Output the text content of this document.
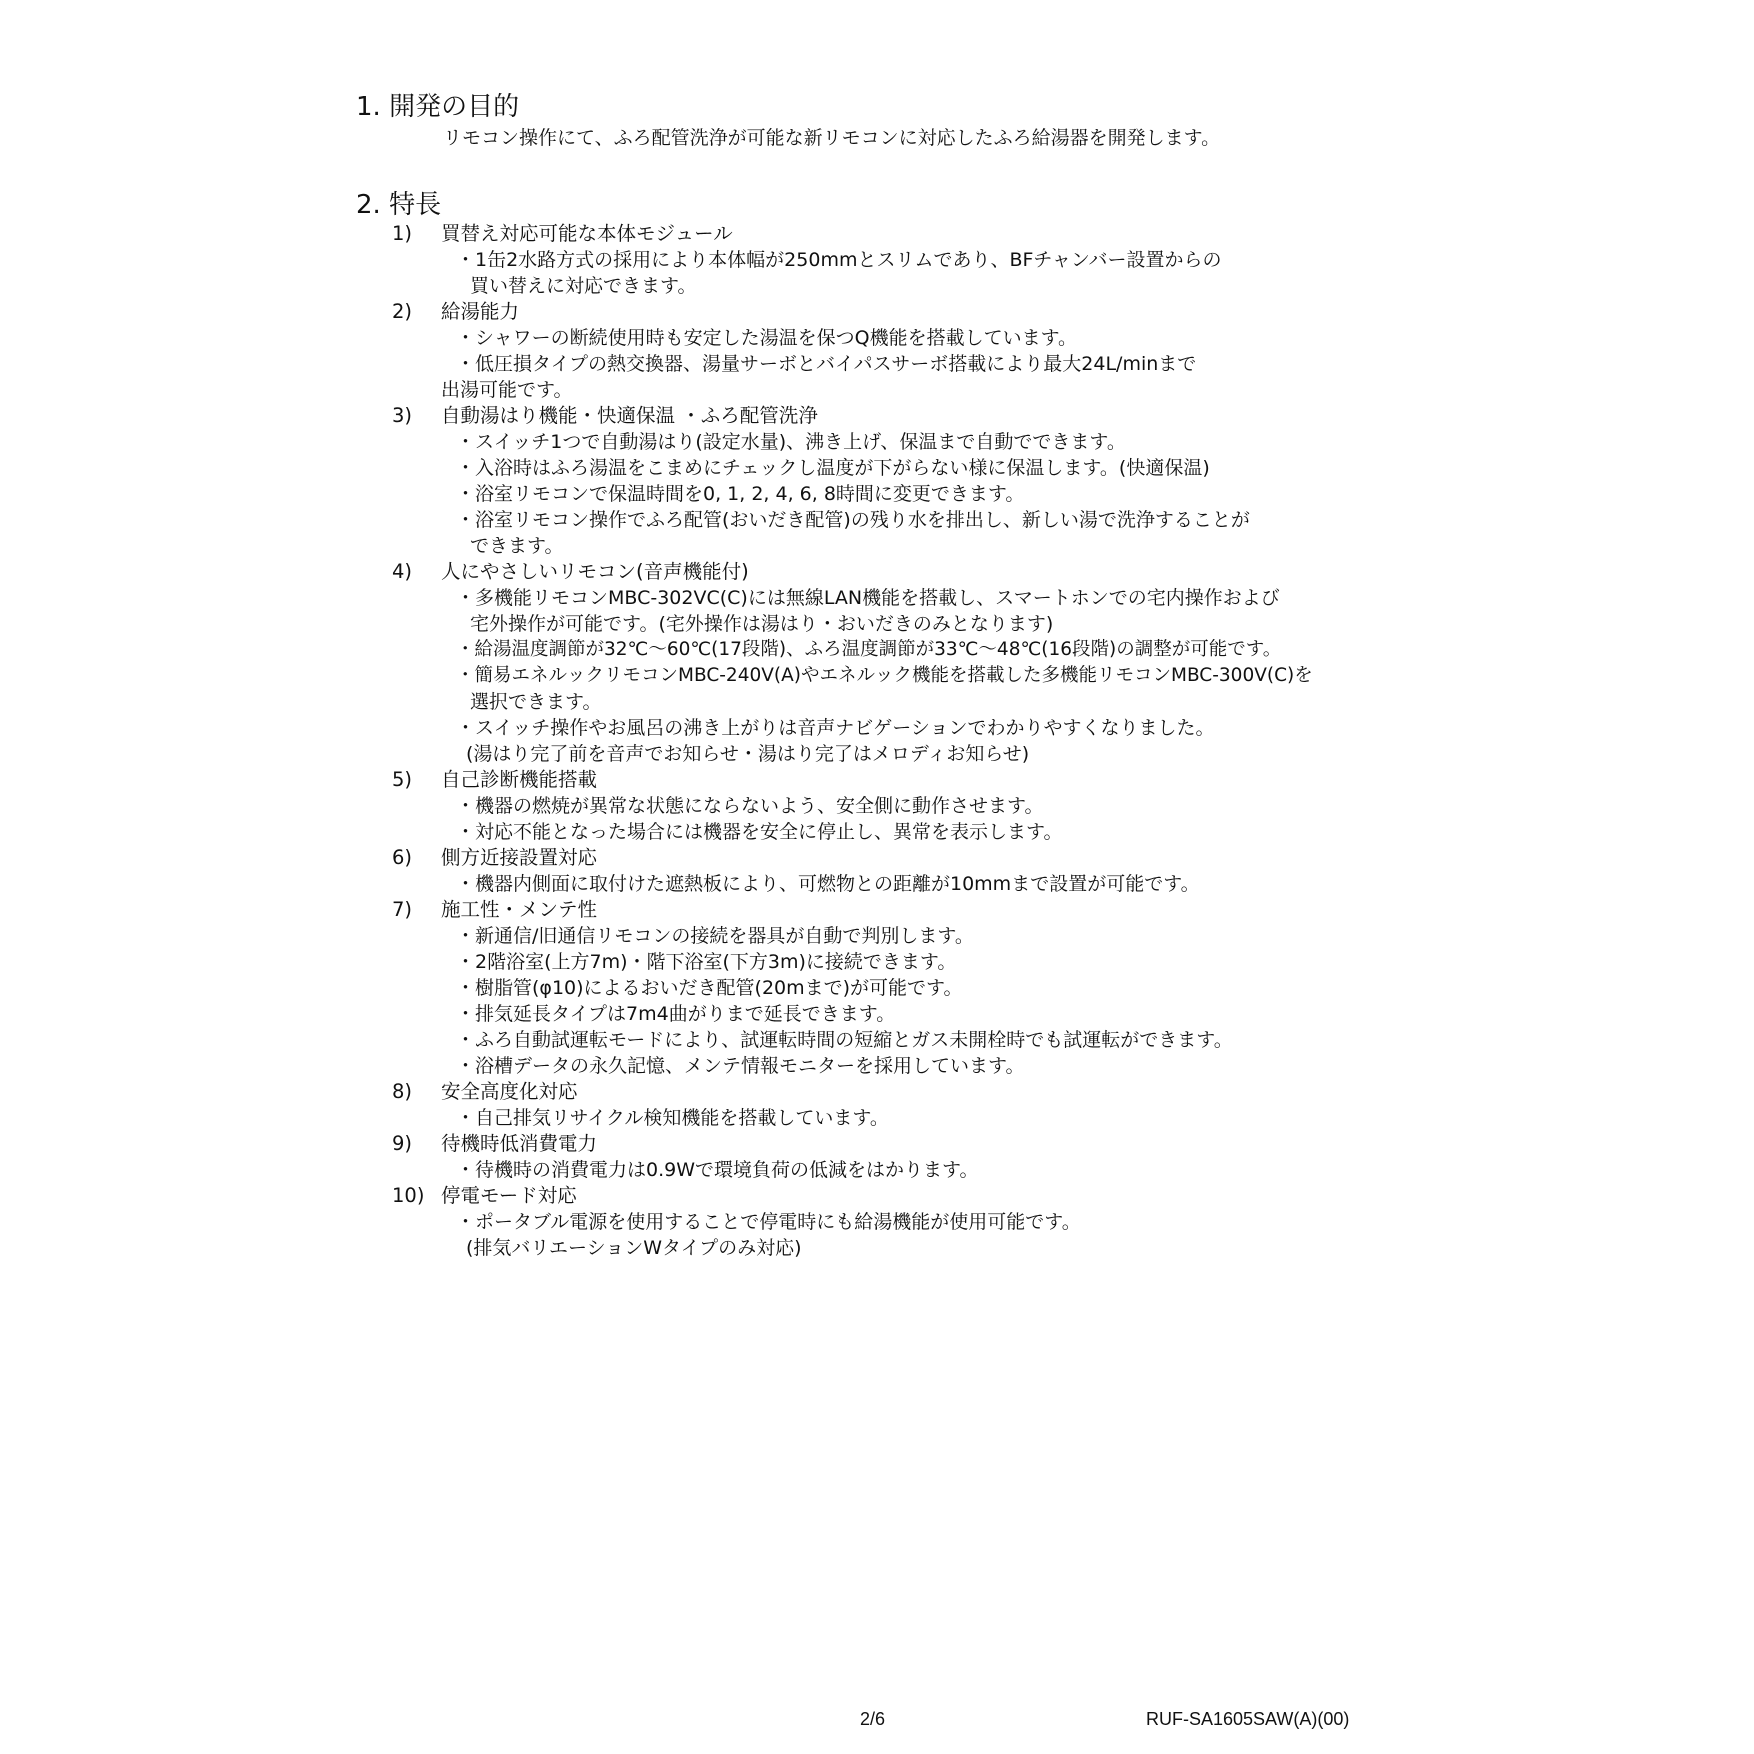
1. 開発の目的
リモコン操作にて、ふろ配管洗浄が可能な新リモコンに対応したふろ給湯器を開発します。
2. 特長
1) 買替え対応可能な本体モジュール
・1缶2水路方式の採用により本体幅が250mmとスリムであり、BFチャンバー設置からの
買い替えに対応できます。
2) 給湯能力
・シャワーの断続使用時も安定した湯温を保つQ機能を搭載しています。
・低圧損タイプの熱交換器、湯量サーボとバイパスサーボ搭載により最大24L/minまで
出湯可能です。
3) 自動湯はり機能・快適保温 ・ふろ配管洗浄
・スイッチ1つで自動湯はり(設定水量)、沸き上げ、保温まで自動でできます。
・入浴時はふろ湯温をこまめにチェックし温度が下がらない様に保温します。(快適保温)
・浴室リモコンで保温時間を0, 1, 2, 4, 6, 8時間に変更できます。
・浴室リモコン操作でふろ配管(おいだき配管)の残り水を排出し、新しい湯で洗浄することが
できます。
4) 人にやさしいリモコン(音声機能付)
・多機能リモコンMBC-302VC(C)には無線LAN機能を搭載し、スマートホンでの宅内操作および
宅外操作が可能です。(宅外操作は湯はり・おいだきのみとなります)
・給湯温度調節が32℃〜60℃(17段階)、ふろ温度調節が33℃〜48℃(16段階)の調整が可能です。
・簡易エネルックリモコンMBC-240V(A)やエネルック機能を搭載した多機能リモコンMBC-300V(C)を
選択できます。
・スイッチ操作やお風呂の沸き上がりは音声ナビゲーションでわかりやすくなりました。
(湯はり完了前を音声でお知らせ・湯はり完了はメロディお知らせ)
5) 自己診断機能搭載
・機器の燃焼が異常な状態にならないよう、安全側に動作させます。
・対応不能となった場合には機器を安全に停止し、異常を表示します。
6) 側方近接設置対応
・機器内側面に取付けた遮熱板により、可燃物との距離が10mmまで設置が可能です。
7) 施工性・メンテ性
・新通信/旧通信リモコンの接続を器具が自動で判別します。
・2階浴室(上方7m)・階下浴室(下方3m)に接続できます。
・樹脂管(φ10)によるおいだき配管(20mまで)が可能です。
・排気延長タイプは7m4曲がりまで延長できます。
・ふろ自動試運転モードにより、試運転時間の短縮とガス未開栓時でも試運転ができます。
・浴槽データの永久記憶、メンテ情報モニターを採用しています。
8) 安全高度化対応
・自己排気リサイクル検知機能を搭載しています。
9) 待機時低消費電力
・待機時の消費電力は0.9Wで環境負荷の低減をはかります。
10) 停電モード対応
・ポータブル電源を使用することで停電時にも給湯機能が使用可能です。
(排気バリエーションWタイプのみ対応)
2/6	RUF-SA1605SAW(A)(00)
